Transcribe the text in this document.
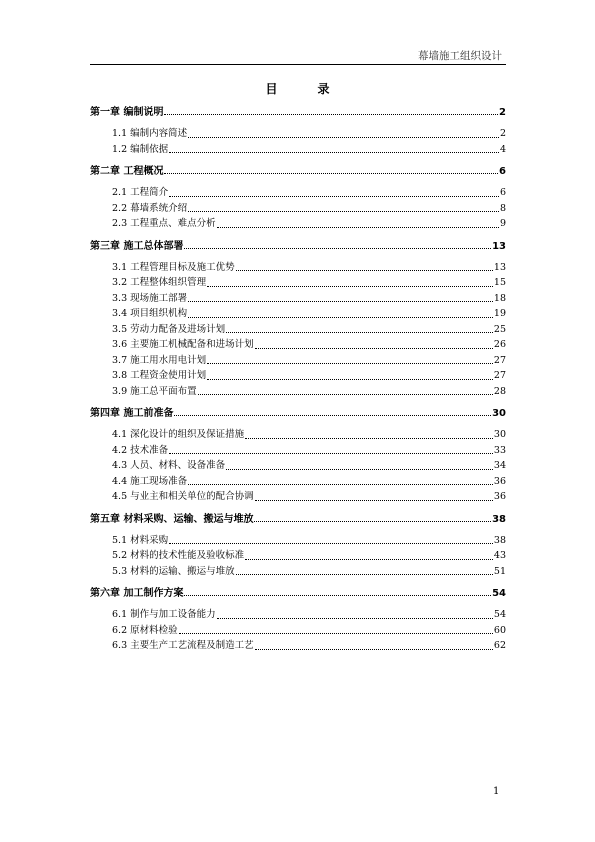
幕墙施工组织设计
目	录
第一章 编制说明	2
1.1 编制内容简述	2
1.2 编制依据	4
第二章 工程概况	6
2.1 工程简介	6
2.2 幕墙系统介绍	8
2.3 工程重点、难点分析	9
第三章 施工总体部署	13
3.1 工程管理目标及施工优势	13
3.2 工程整体组织管理	15
3.3 现场施工部署	18
3.4 项目组织机构	19
3.5 劳动力配备及进场计划	25
3.6 主要施工机械配备和进场计划	26
3.7 施工用水用电计划	27
3.8 工程资金使用计划	27
3.9 施工总平面布置	28
第四章 施工前准备	30
4.1 深化设计的组织及保证措施	30
4.2 技术准备	33
4.3 人员、材料、设备准备	34
4.4 施工现场准备	36
4.5 与业主和相关单位的配合协调	36
第五章 材料采购、运输、搬运与堆放	38
5.1 材料采购	38
5.2 材料的技术性能及验收标准	43
5.3 材料的运输、搬运与堆放	51
第六章 加工制作方案	54
6.1 制作与加工设备能力	54
6.2 原材料检验	60
6.3 主要生产工艺流程及制造工艺	62
1
